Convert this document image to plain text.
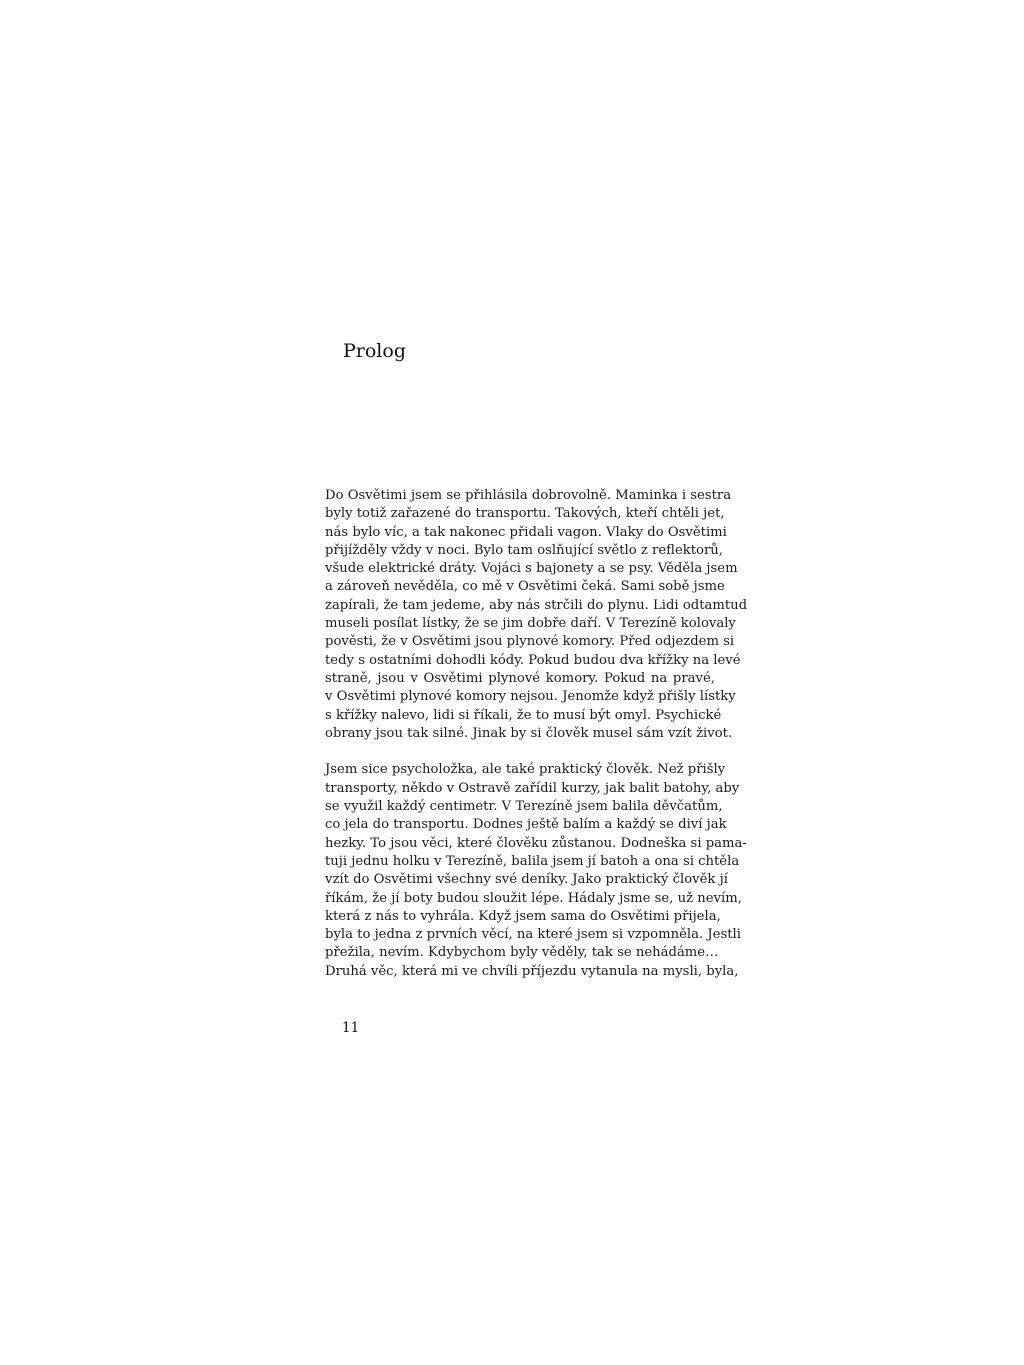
Prolog
Do Osvětimi jsem se přihlásila dobrovolně. Maminka i sestra
byly totiž zařazené do transportu. Takových, kteří chtěli jet,
nás bylo víc, a tak nakonec přidali vagon. Vlaky do Osvětimi
přijížděly vždy v noci. Bylo tam oslňující světlo z reflektorů,
všude elektrické dráty. Vojáci s bajonety a se psy. Věděla jsem
a zároveň nevěděla, co mě v Osvětimi čeká. Sami sobě jsme
zapírali, že tam jedeme, aby nás strčili do plynu. Lidi odtamtud
museli posílat lístky, že se jim dobře daří. V Terezíně kolovaly
pověsti, že v Osvětimi jsou plynové komory. Před odjezdem si
tedy s ostatními dohodli kódy. Pokud budou dva křížky na levé
straně, jsou v Osvětimi plynové komory. Pokud na pravé,
v Osvětimi plynové komory nejsou. Jenomže když přišly lístky
s křížky nalevo, lidi si říkali, že to musí být omyl. Psychické
obrany jsou tak silné. Jinak by si člověk musel sám vzít život.
Jsem sice psycholožka, ale také praktický člověk. Než přišly
transporty, někdo v Ostravě zařídil kurzy, jak balit batohy, aby
se využil každý centimetr. V Terezíně jsem balila děvčatům,
co jela do transportu. Dodnes ještě balím a každý se diví jak
hezky. To jsou věci, které člověku zůstanou. Dodneška si pama-
tuji jednu holku v Terezíně, balila jsem jí batoh a ona si chtěla
vzít do Osvětimi všechny své deníky. Jako praktický člověk jí
říkám, že jí boty budou sloužit lépe. Hádaly jsme se, už nevím,
která z nás to vyhrála. Když jsem sama do Osvětimi přijela,
byla to jedna z prvních věcí, na které jsem si vzpomněla. Jestli
přežila, nevím. Kdybychom byly věděly, tak se nehádáme…
Druhá věc, která mi ve chvíli příjezdu vytanula na mysli, byla,
11
